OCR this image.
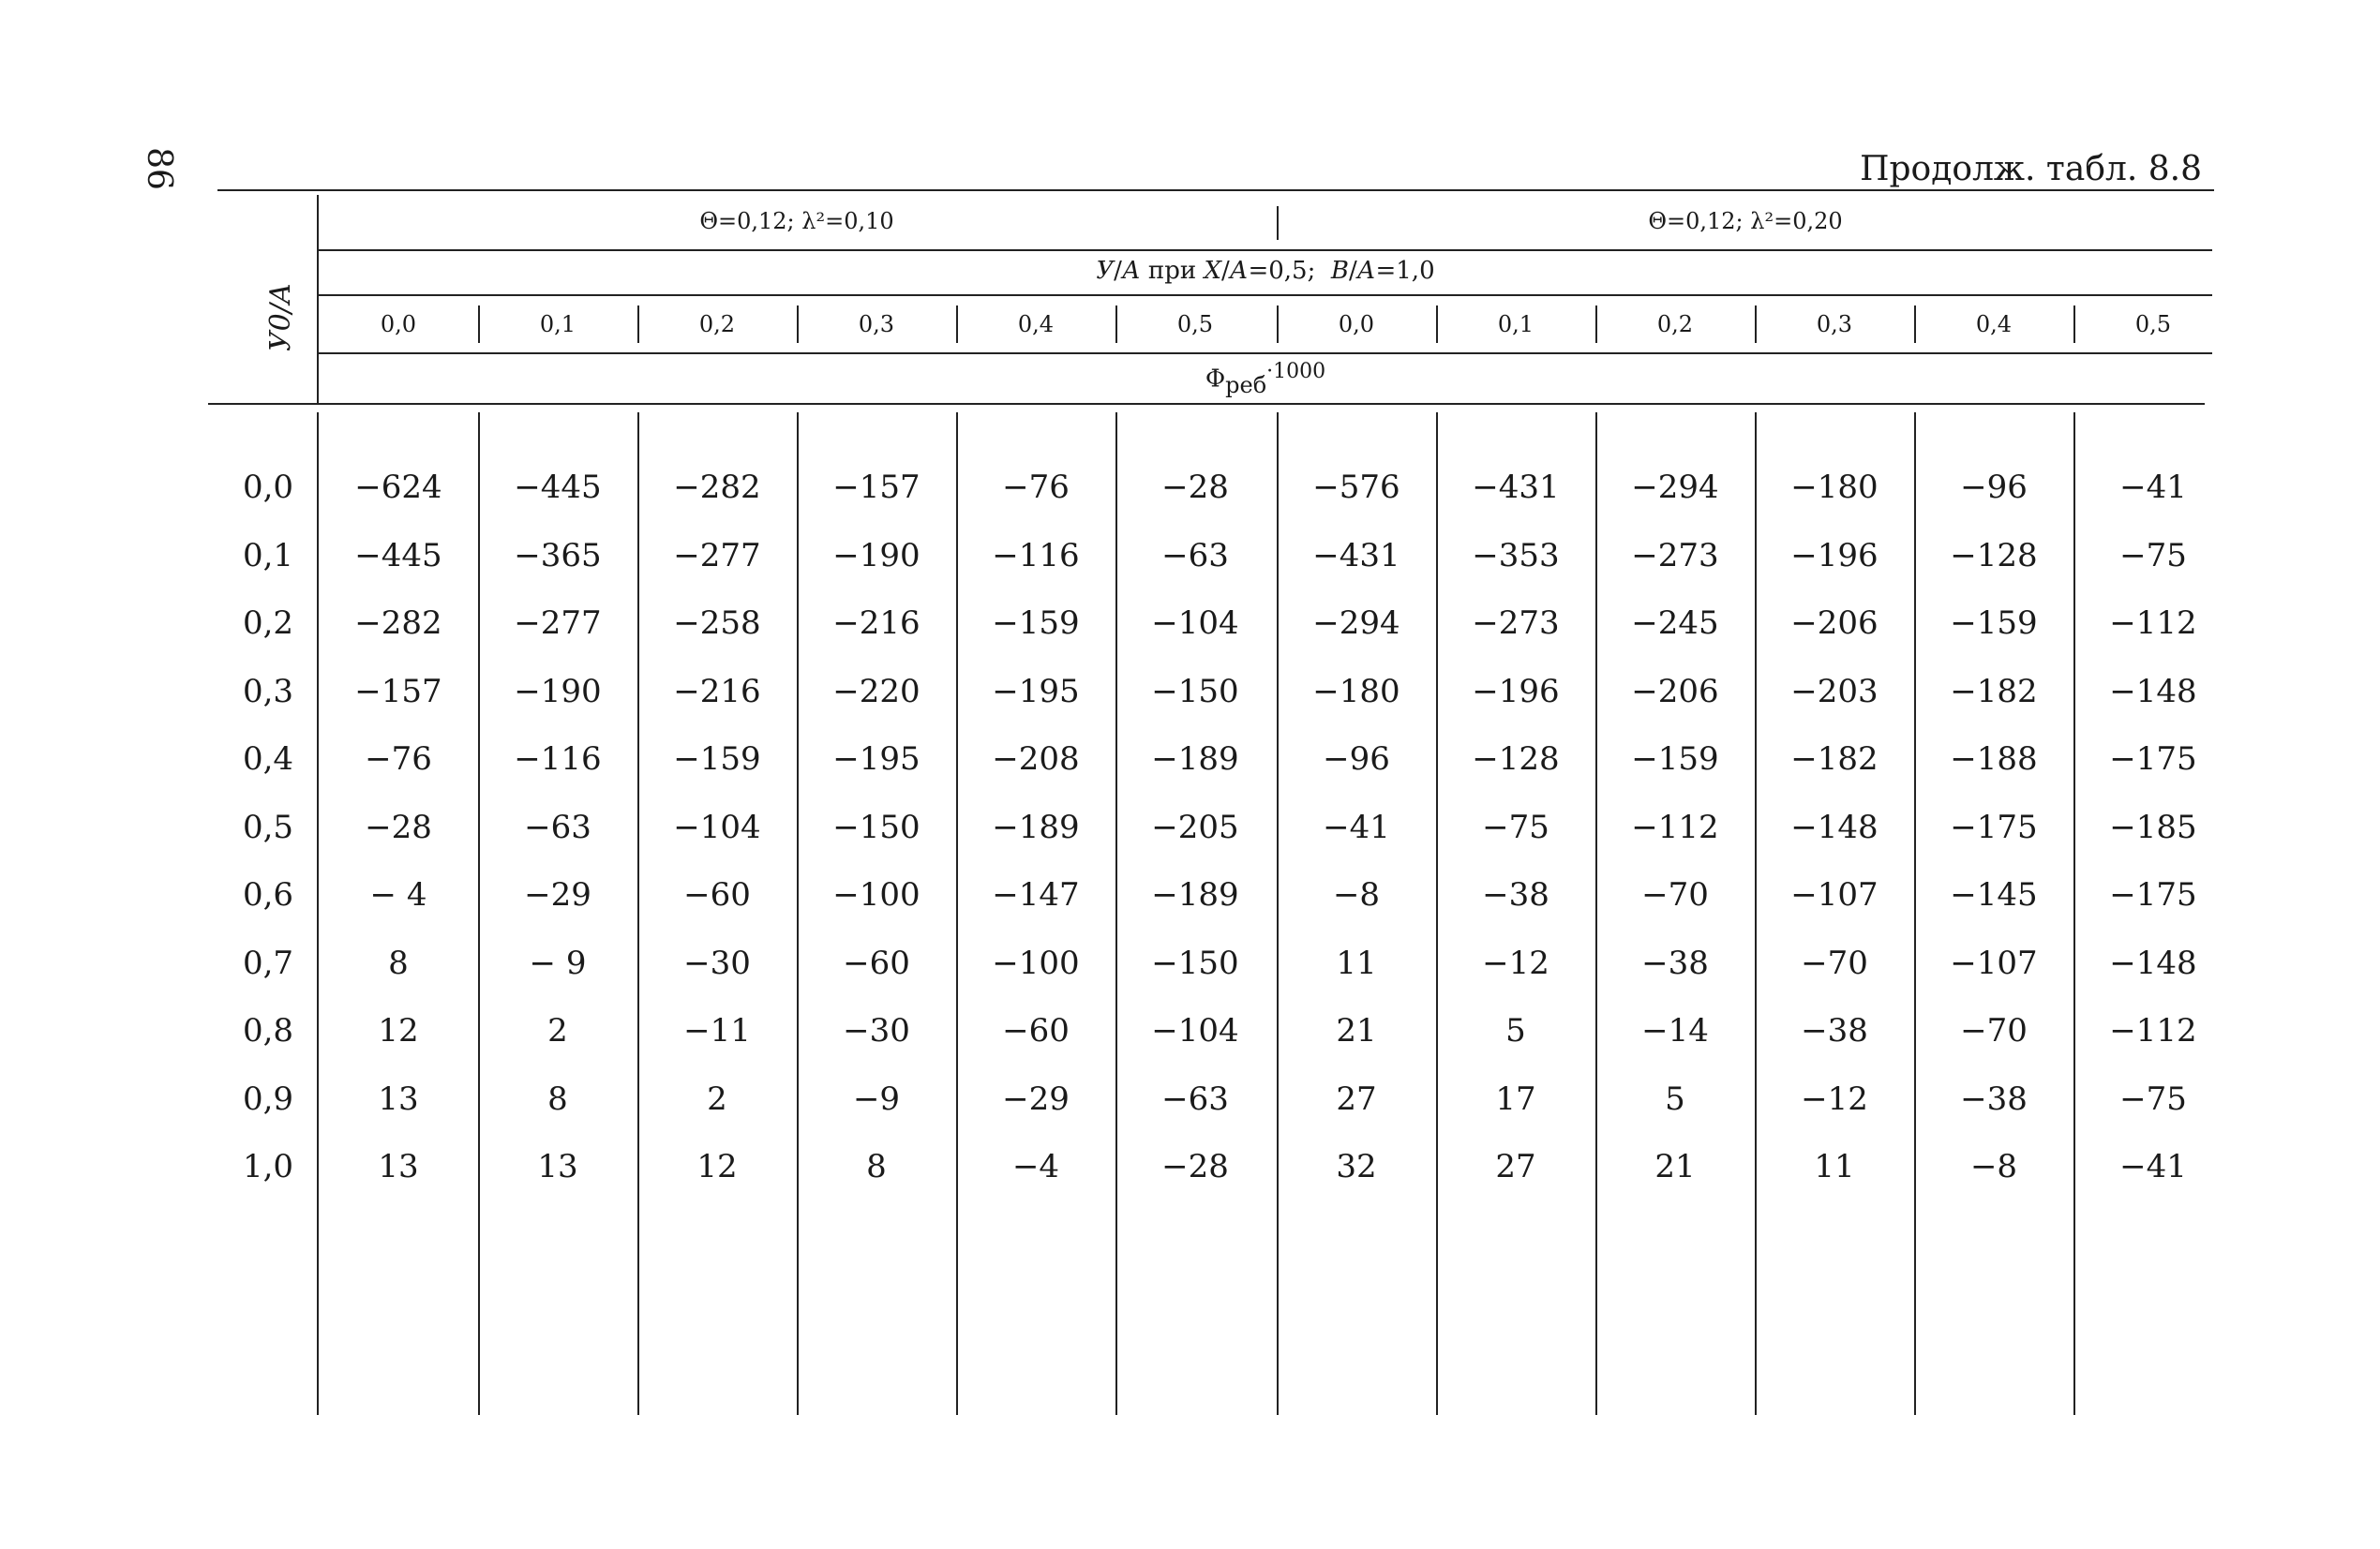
86	Продолж. табл. 8.8
Θ=0,12; λ²=0,10	Θ=0,12; λ²=0,20
У/А при X/А=0,5;  B/А=1,0
0,0	0,1	0,2	0,3	0,4	0,5	0,0	0,1	0,2	0,3	0,4	0,5
$\Phi_{реб}^{\cdot 1000}$
У0/A
0,0	−624	−445	−282	−157	−76	−28	−576	−431	−294	−180	−96	−41
0,1	−445	−365	−277	−190	−116	−63	−431	−353	−273	−196	−128	−75
0,2	−282	−277	−258	−216	−159	−104	−294	−273	−245	−206	−159	−112
0,3	−157	−190	−216	−220	−195	−150	−180	−196	−206	−203	−182	−148
0,4	−76	−116	−159	−195	−208	−189	−96	−128	−159	−182	−188	−175
0,5	−28	−63	−104	−150	−189	−205	−41	−75	−112	−148	−175	−185
0,6	− 4	−29	−60	−100	−147	−189	−8	−38	−70	−107	−145	−175
0,7	8	− 9	−30	−60	−100	−150	11	−12	−38	−70	−107	−148
0,8	12	2	−11	−30	−60	−104	21	5	−14	−38	−70	−112
0,9	13	8	2	−9	−29	−63	27	17	5	−12	−38	−75
1,0	13	13	12	8	−4	−28	32	27	21	11	−8	−41
